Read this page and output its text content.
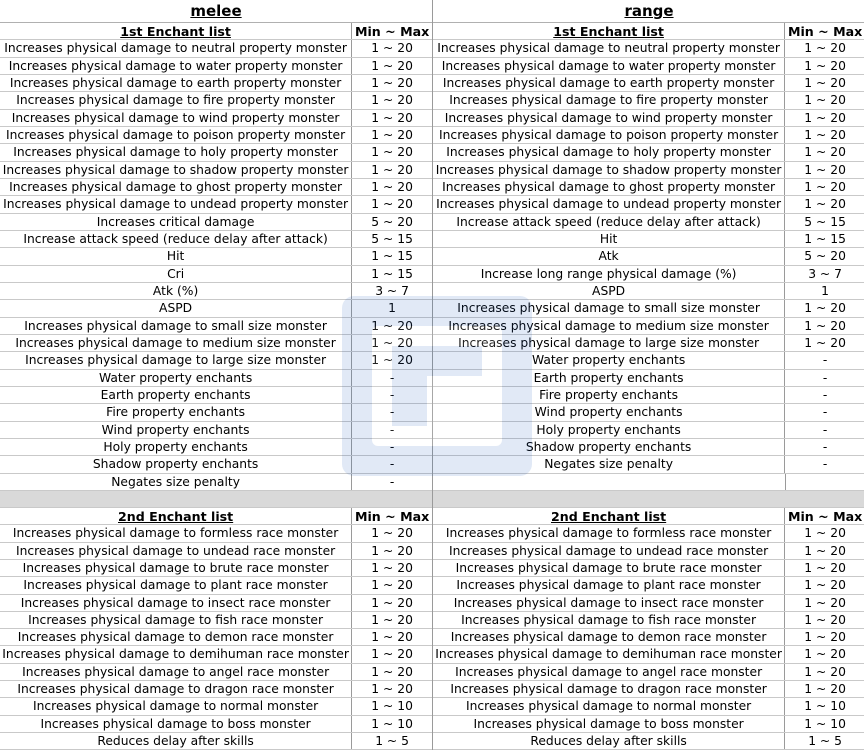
melee
1st Enchant list	Min ~ Max
Increases physical damage to neutral property monster	1 ~ 20
Increases physical damage to water property monster	1 ~ 20
Increases physical damage to earth property monster	1 ~ 20
Increases physical damage to fire property monster	1 ~ 20
Increases physical damage to wind property monster	1 ~ 20
Increases physical damage to poison property monster	1 ~ 20
Increases physical damage to holy property monster	1 ~ 20
Increases physical damage to shadow property monster	1 ~ 20
Increases physical damage to ghost property monster	1 ~ 20
Increases physical damage to undead property monster	1 ~ 20
Increases critical damage	5 ~ 20
Increase attack speed (reduce delay after attack)	5 ~ 15
Hit	1 ~ 15
Cri	1 ~ 15
Atk (%)	3 ~ 7
ASPD	1
Increases physical damage to small size monster	1 ~ 20
Increases physical damage to medium size monster	1 ~ 20
Increases physical damage to large size monster	1 ~ 20
Water property enchants	-
Earth property enchants	-
Fire property enchants	-
Wind property enchants	-
Holy property enchants	-
Shadow property enchants	-
Negates size penalty	-
2nd Enchant list	Min ~ Max
Increases physical damage to formless race monster	1 ~ 20
Increases physical damage to undead race monster	1 ~ 20
Increases physical damage to brute race monster	1 ~ 20
Increases physical damage to plant race monster	1 ~ 20
Increases physical damage to insect race monster	1 ~ 20
Increases physical damage to fish race monster	1 ~ 20
Increases physical damage to demon race monster	1 ~ 20
Increases physical damage to demihuman race monster	1 ~ 20
Increases physical damage to angel race monster	1 ~ 20
Increases physical damage to dragon race monster	1 ~ 20
Increases physical damage to normal monster	1 ~ 10
Increases physical damage to boss monster	1 ~ 10
Reduces delay after skills	1 ~ 5
range
1st Enchant list	Min ~ Max
Increases physical damage to neutral property monster	1 ~ 20
Increases physical damage to water property monster	1 ~ 20
Increases physical damage to earth property monster	1 ~ 20
Increases physical damage to fire property monster	1 ~ 20
Increases physical damage to wind property monster	1 ~ 20
Increases physical damage to poison property monster	1 ~ 20
Increases physical damage to holy property monster	1 ~ 20
Increases physical damage to shadow property monster	1 ~ 20
Increases physical damage to ghost property monster	1 ~ 20
Increases physical damage to undead property monster	1 ~ 20
Increase attack speed (reduce delay after attack)	5 ~ 15
Hit	1 ~ 15
Atk	5 ~ 20
Increase long range physical damage (%)	3 ~ 7
ASPD	1
Increases physical damage to small size monster	1 ~ 20
Increases physical damage to medium size monster	1 ~ 20
Increases physical damage to large size monster	1 ~ 20
Water property enchants	-
Earth property enchants	-
Fire property enchants	-
Wind property enchants	-
Holy property enchants	-
Shadow property enchants	-
Negates size penalty	-
2nd Enchant list	Min ~ Max
Increases physical damage to formless race monster	1 ~ 20
Increases physical damage to undead race monster	1 ~ 20
Increases physical damage to brute race monster	1 ~ 20
Increases physical damage to plant race monster	1 ~ 20
Increases physical damage to insect race monster	1 ~ 20
Increases physical damage to fish race monster	1 ~ 20
Increases physical damage to demon race monster	1 ~ 20
Increases physical damage to demihuman race monster	1 ~ 20
Increases physical damage to angel race monster	1 ~ 20
Increases physical damage to dragon race monster	1 ~ 20
Increases physical damage to normal monster	1 ~ 10
Increases physical damage to boss monster	1 ~ 10
Reduces delay after skills	1 ~ 5
